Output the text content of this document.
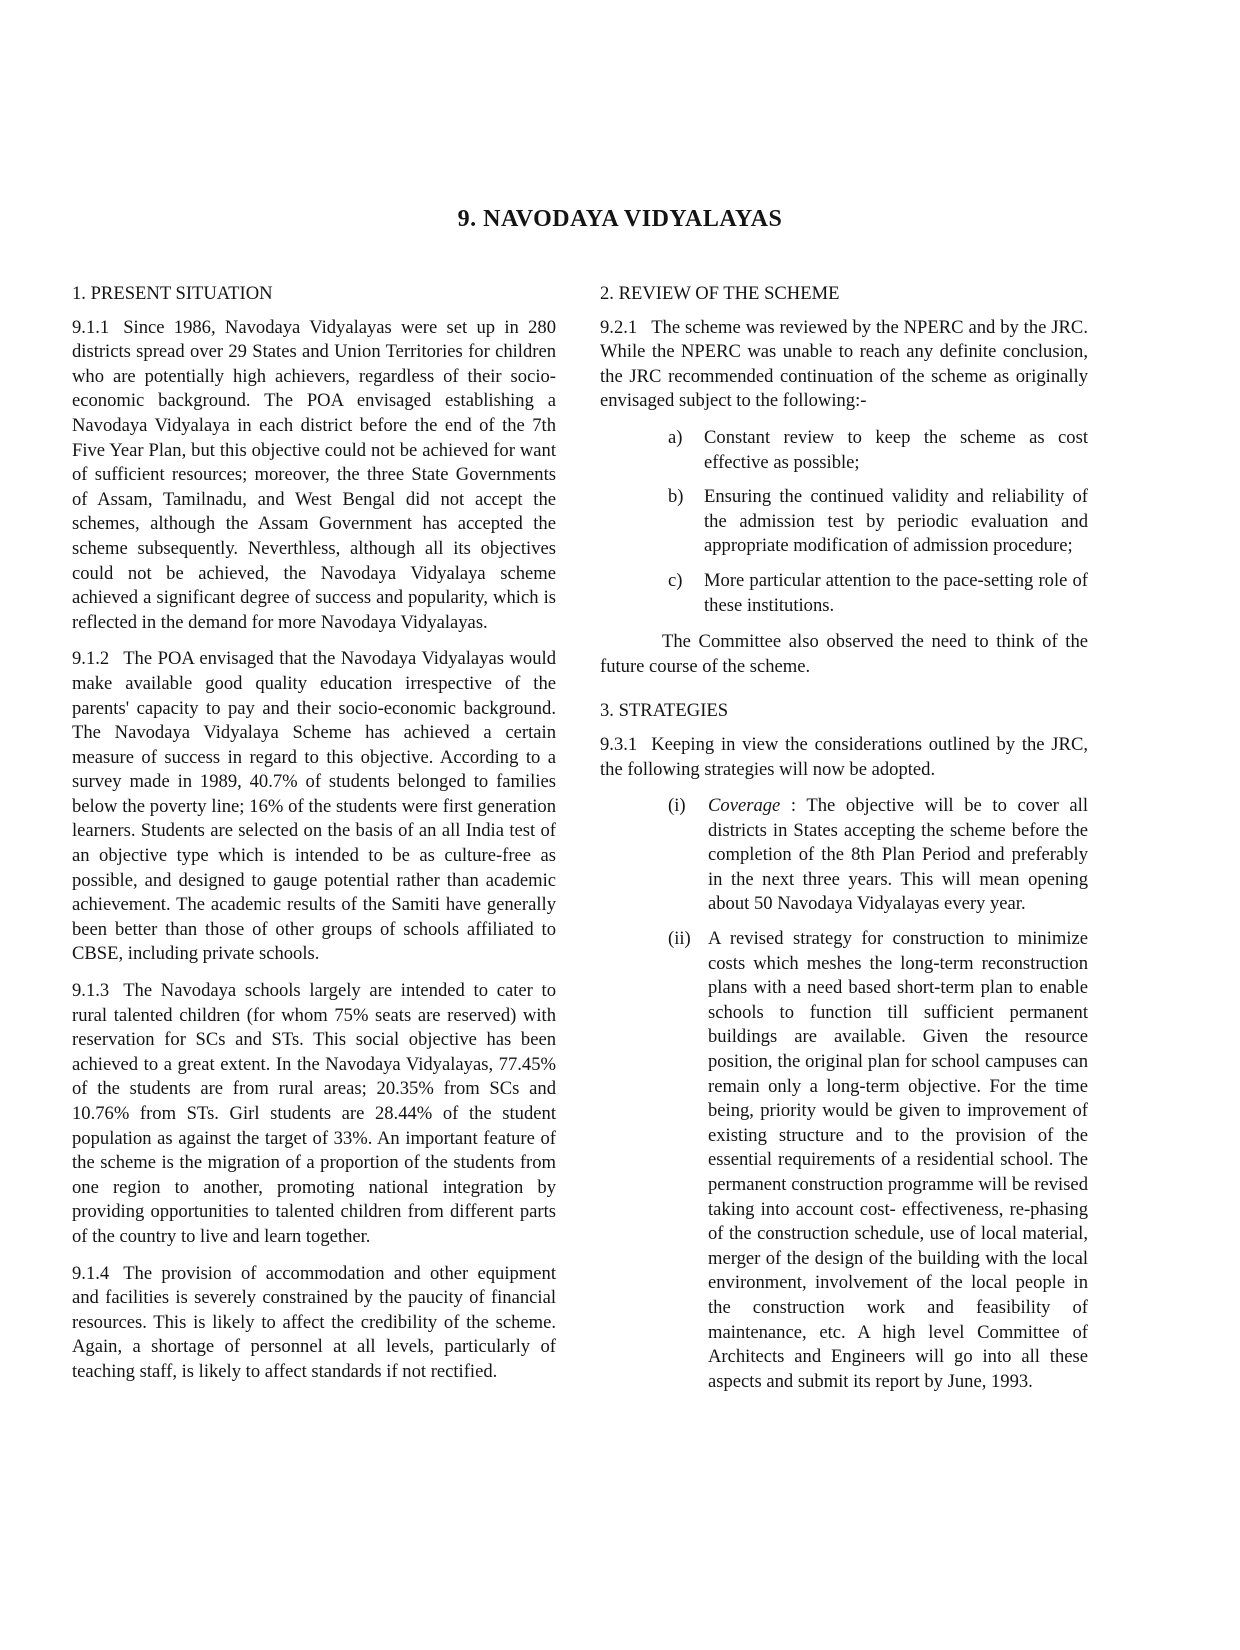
9. NAVODAYA VIDYALAYAS
1. PRESENT SITUATION

9.1.1 Since 1986, Navodaya Vidyalayas were set up in 280 districts spread over 29 States and Union Territories for children who are potentially high achievers, regardless of their socio-economic background. The POA envisaged establishing a Navodaya Vidyalaya in each district before the end of the 7th Five Year Plan, but this objective could not be achieved for want of sufficient resources; moreover, the three State Governments of Assam, Tamilnadu, and West Bengal did not accept the schemes, although the Assam Government has accepted the scheme subsequently. Neverthless, although all its objectives could not be achieved, the Navodaya Vidyalaya scheme achieved a significant degree of success and popularity, which is reflected in the demand for more Navodaya Vidyalayas.

9.1.2 The POA envisaged that the Navodaya Vidyalayas would make available good quality education irrespective of the parents' capacity to pay and their socio-economic background. The Navodaya Vidyalaya Scheme has achieved a certain measure of success in regard to this objective. According to a survey made in 1989, 40.7% of students belonged to families below the poverty line; 16% of the students were first generation learners. Students are selected on the basis of an all India test of an objective type which is intended to be as culture-free as possible, and designed to gauge potential rather than academic achievement. The academic results of the Samiti have generally been better than those of other groups of schools affiliated to CBSE, including private schools.

9.1.3 The Navodaya schools largely are intended to cater to rural talented children (for whom 75% seats are reserved) with reservation for SCs and STs. This social objective has been achieved to a great extent. In the Navodaya Vidyalayas, 77.45% of the students are from rural areas; 20.35% from SCs and 10.76% from STs. Girl students are 28.44% of the student population as against the target of 33%. An important feature of the scheme is the migration of a proportion of the students from one region to another, promoting national integration by providing opportunities to talented children from different parts of the country to live and learn together.

9.1.4 The provision of accommodation and other equipment and facilities is severely constrained by the paucity of financial resources. This is likely to affect the credibility of the scheme. Again, a shortage of personnel at all levels, particularly of teaching staff, is likely to affect standards if not rectified.

2. REVIEW OF THE SCHEME

9.2.1 The scheme was reviewed by the NPERC and by the JRC. While the NPERC was unable to reach any definite conclusion, the JRC recommended continuation of the scheme as originally envisaged subject to the following:-

a) Constant review to keep the scheme as cost effective as possible;
b) Ensuring the continued validity and reliability of the admission test by periodic evaluation and appropriate modification of admission procedure;
c) More particular attention to the pace-setting role of these institutions.

The Committee also observed the need to think of the future course of the scheme.

3. STRATEGIES

9.3.1 Keeping in view the considerations outlined by the JRC, the following strategies will now be adopted.

(i) Coverage : The objective will be to cover all districts in States accepting the scheme before the completion of the 8th Plan Period and preferably in the next three years. This will mean opening about 50 Navodaya Vidyalayas every year.
(ii) A revised strategy for construction to minimize costs which meshes the long-term reconstruction plans with a need based short-term plan to enable schools to function till sufficient permanent buildings are available. Given the resource position, the original plan for school campuses can remain only a long-term objective. For the time being, priority would be given to improvement of existing structure and to the provision of the essential requirements of a residential school. The permanent construction programme will be revised taking into account cost- effectiveness, re-phasing of the construction schedule, use of local material, merger of the design of the building with the local environment, involvement of the local people in the construction work and feasibility of maintenance, etc. A high level Committee of Architects and Engineers will go into all these aspects and submit its report by June, 1993.
